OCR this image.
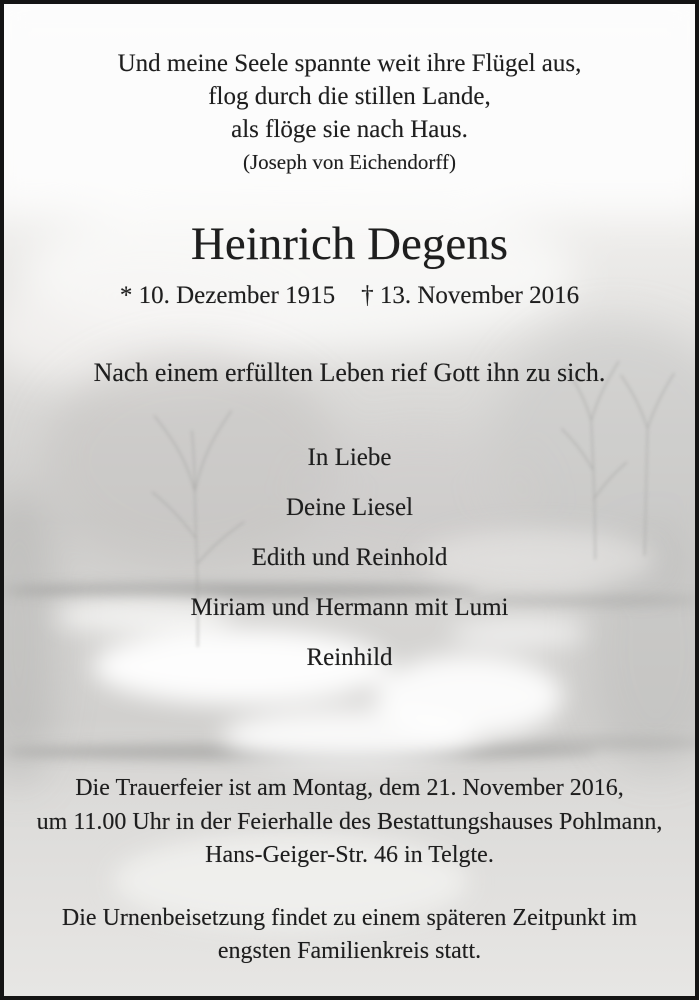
Und meine Seele spannte weit ihre Flügel aus,

flog durch die stillen Lande,

als flöge sie nach Haus.

(Joseph von Eichendorff)

Heinrich Degens
* 10. Dezember 1915 † 13. November 2016

Nach einem erfüllten Leben rief Gott ihn zu sich.

In Liebe

Deine Liesel

Edith und Reinhold

Miriam und Hermann mit Lumi

Reinhild

Die Trauerfeier ist am Montag, dem 21. November 2016,

um 11.00 Uhr in der Feierhalle des Bestattungshauses Pohlmann,

Hans-Geiger-Str. 46 in Telgte.

Die Urnenbeisetzung findet zu einem späteren Zeitpunkt im

engsten Familienkreis statt.
